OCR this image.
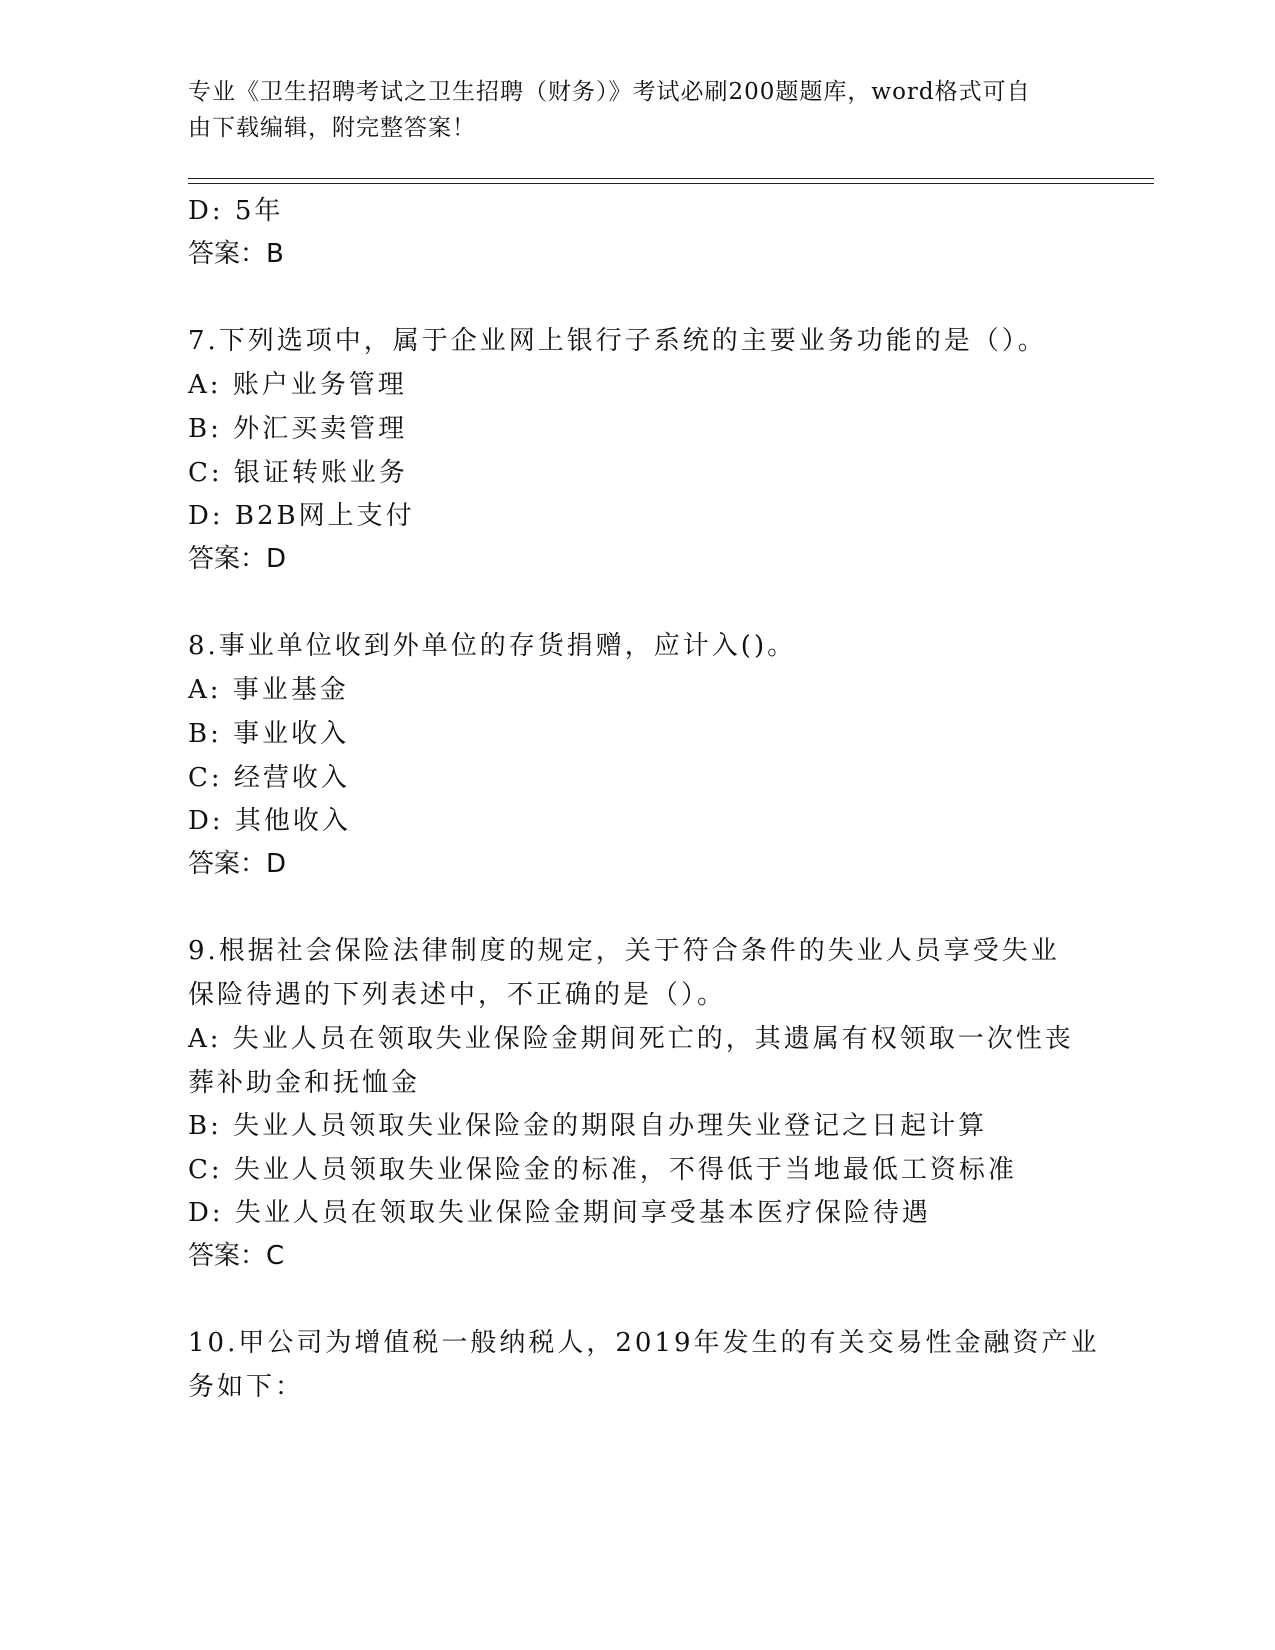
专业《卫生招聘考试之卫生招聘（财务）》考试必刷200题题库，word格式可自
由下载编辑，附完整答案！
D: 5年
答案：B
7.下列选项中，属于企业网上银行子系统的主要业务功能的是（）。
A: 账户业务管理
B: 外汇买卖管理
C: 银证转账业务
D: B2B网上支付
答案：D
8.事业单位收到外单位的存货捐赠，应计入()。
A: 事业基金
B: 事业收入
C: 经营收入
D: 其他收入
答案：D
9.根据社会保险法律制度的规定，关于符合条件的失业人员享受失业
保险待遇的下列表述中，不正确的是（）。
A: 失业人员在领取失业保险金期间死亡的，其遗属有权领取一次性丧
葬补助金和抚恤金
B: 失业人员领取失业保险金的期限自办理失业登记之日起计算
C: 失业人员领取失业保险金的标准，不得低于当地最低工资标准
D: 失业人员在领取失业保险金期间享受基本医疗保险待遇
答案：C
10.甲公司为增值税一般纳税人，2019年发生的有关交易性金融资产业
务如下：
